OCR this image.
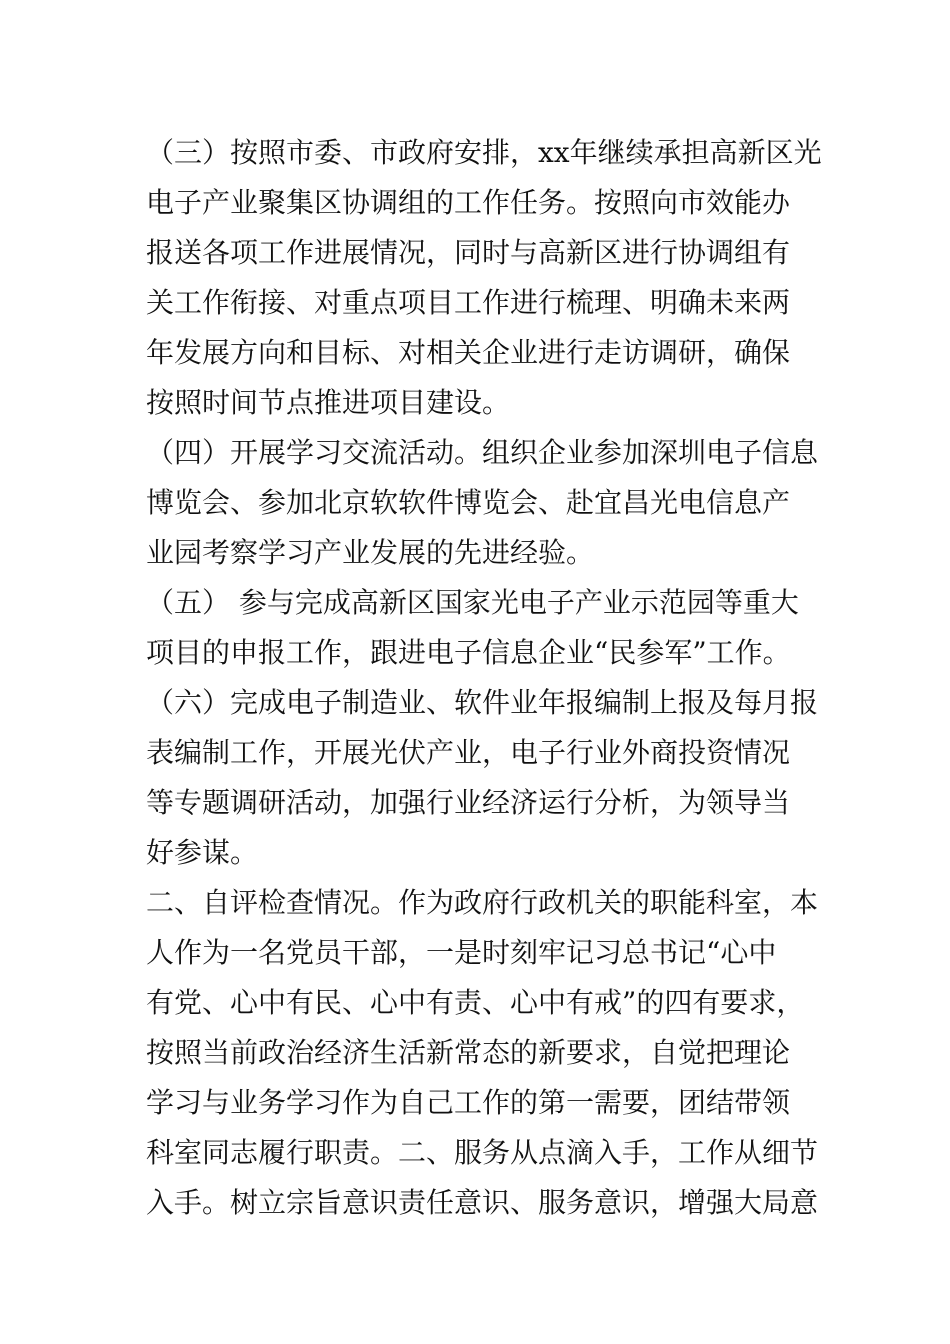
（三）按照市委、市政府安排，xx年继续承担高新区光
电子产业聚集区协调组的工作任务。按照向市效能办
报送各项工作进展情况，同时与高新区进行协调组有
关工作衔接、对重点项目工作进行梳理、明确未来两
年发展方向和目标、对相关企业进行走访调研，确保
按照时间节点推进项目建设。
（四）开展学习交流活动。组织企业参加深圳电子信息
博览会、参加北京软软件博览会、赴宜昌光电信息产
业园考察学习产业发展的先进经验。
（五） 参与完成高新区国家光电子产业示范园等重大
项目的申报工作，跟进电子信息企业“民参军”工作。
（六）完成电子制造业、软件业年报编制上报及每月报
表编制工作，开展光伏产业，电子行业外商投资情况
等专题调研活动，加强行业经济运行分析，为领导当
好参谋。
二、自评检查情况。作为政府行政机关的职能科室，本
人作为一名党员干部，一是时刻牢记习总书记“心中
有党、心中有民、心中有责、心中有戒”的四有要求，
按照当前政治经济生活新常态的新要求，自觉把理论
学习与业务学习作为自己工作的第一需要，团结带领
科室同志履行职责。二、服务从点滴入手，工作从细节
入手。树立宗旨意识责任意识、服务意识，增强大局意
